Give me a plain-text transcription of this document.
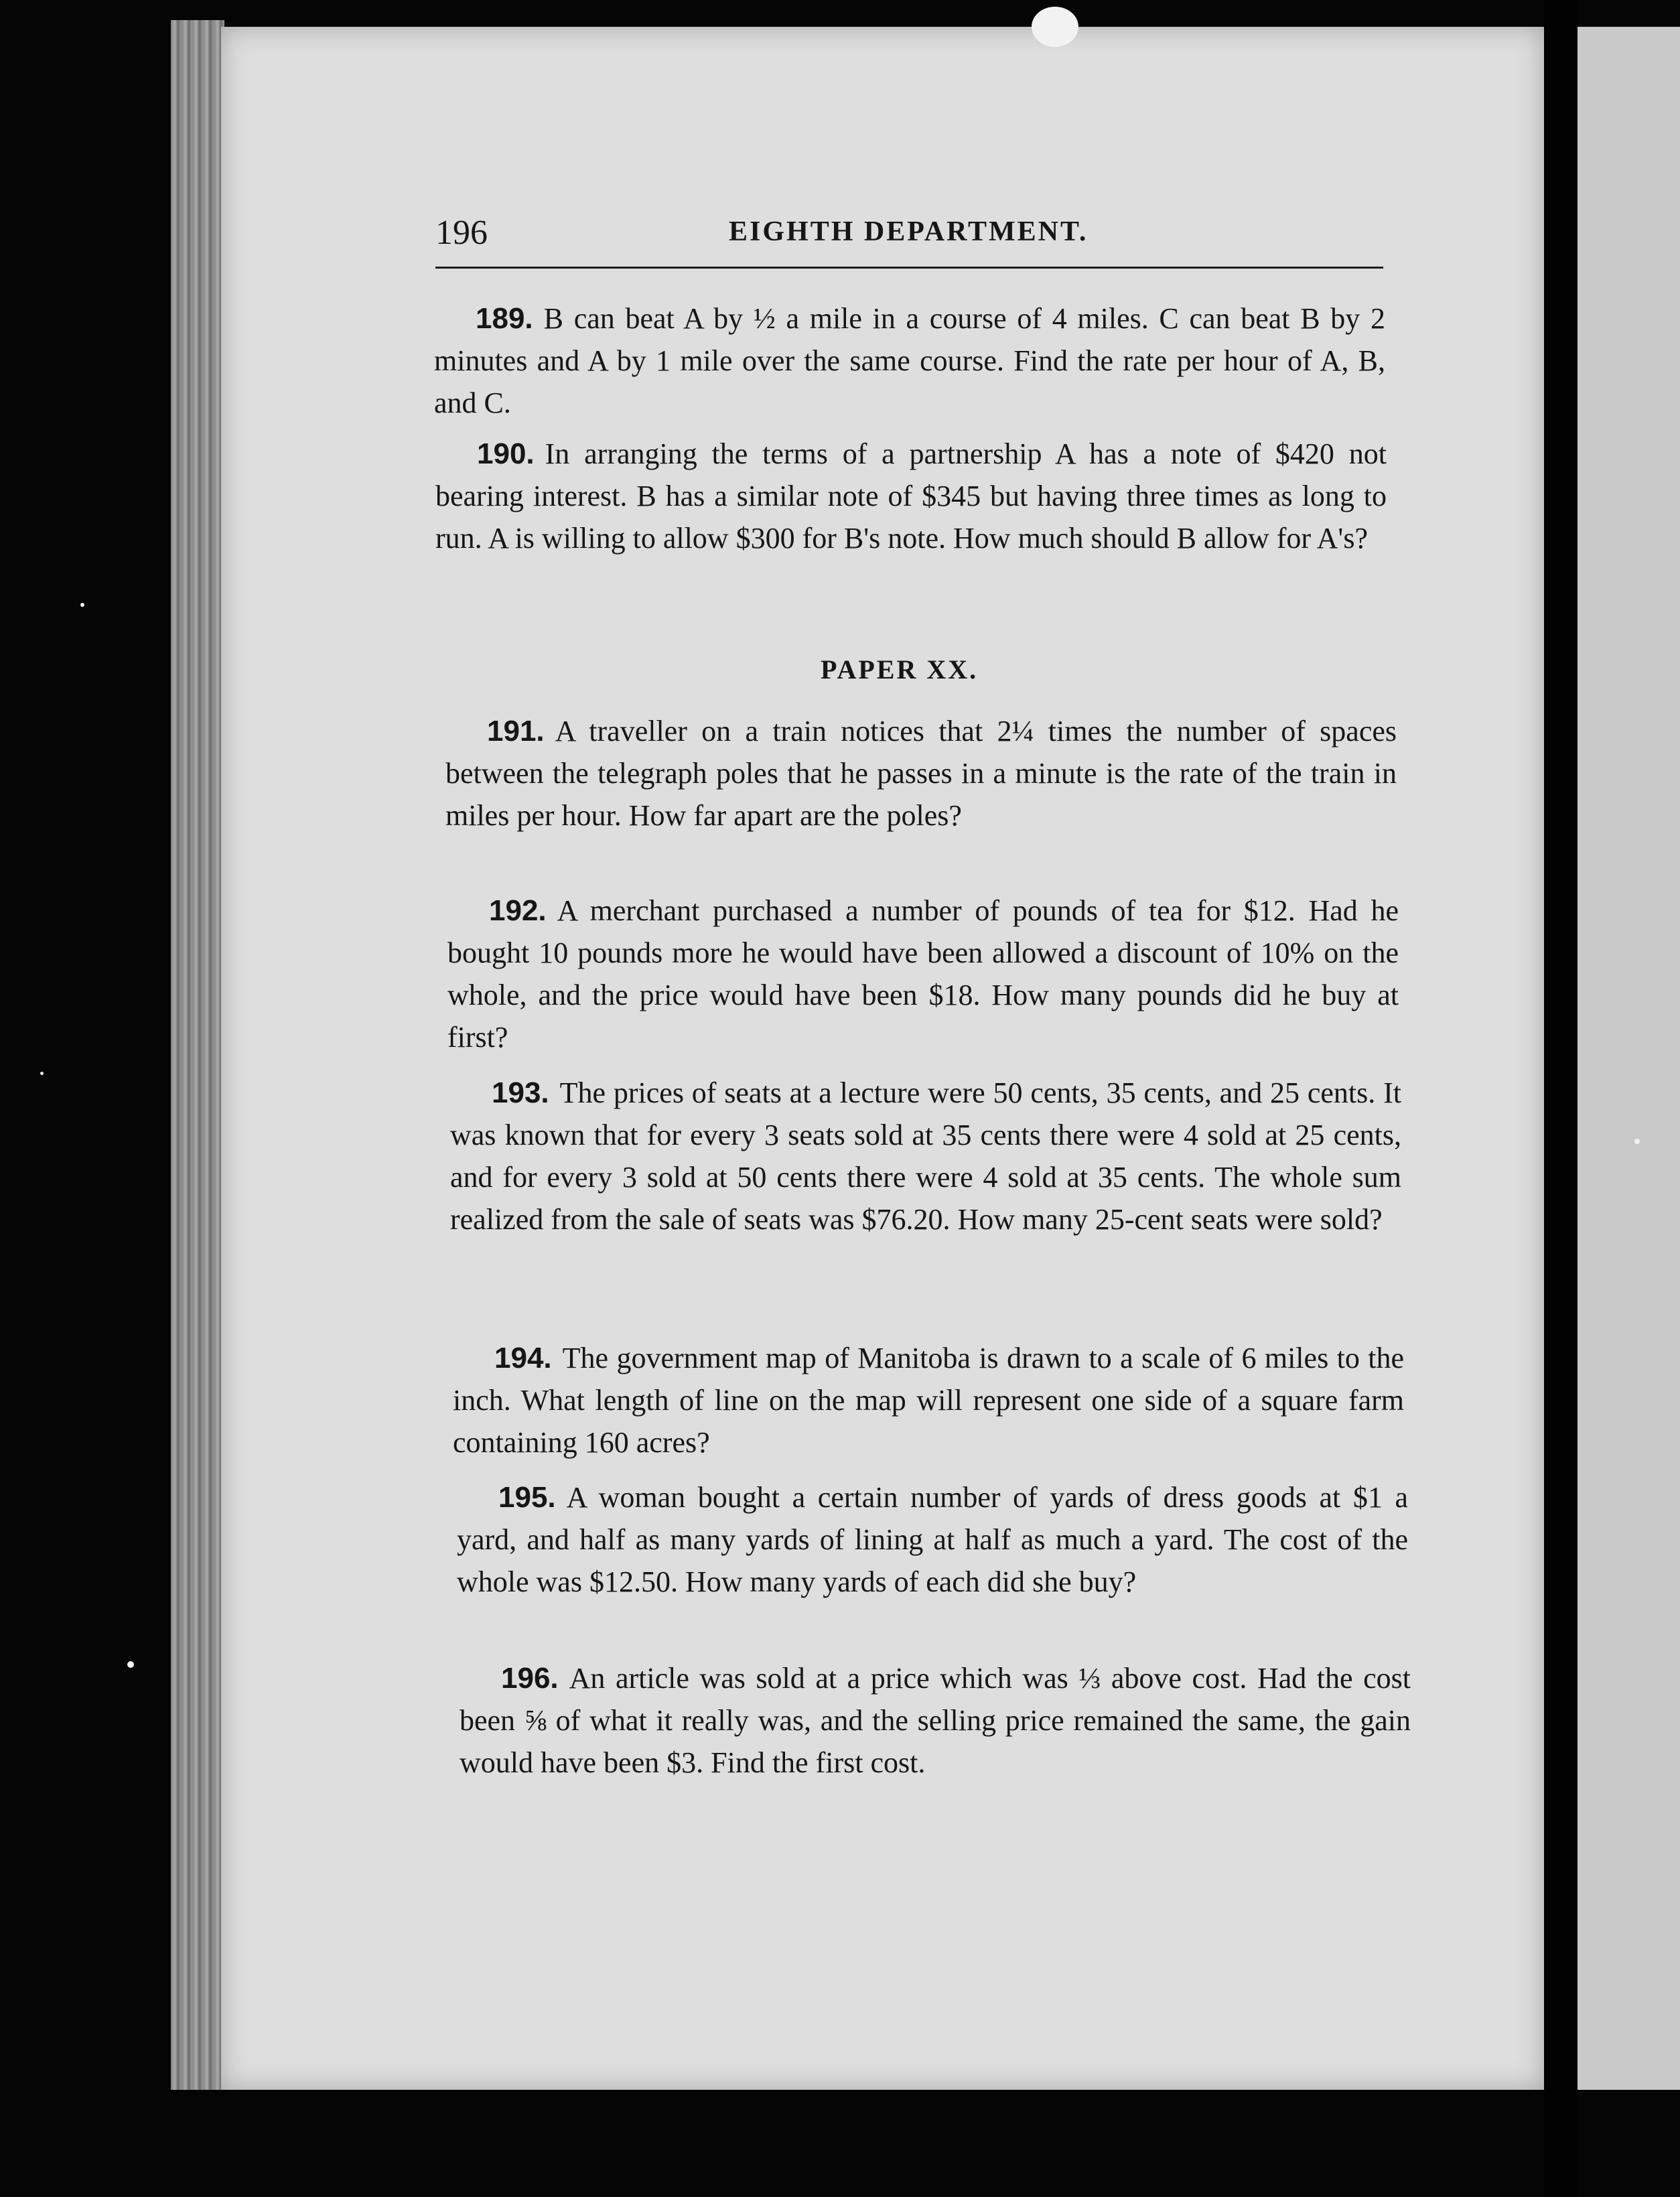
196	EIGHTH DEPARTMENT.

189. B can beat A by ½ a mile in a course of 4 miles. C can beat B by 2 minutes and A by 1 mile over the same course. Find the rate per hour of A, B, and C.

190. In arranging the terms of a partnership A has a note of $420 not bearing interest. B has a similar note of $345 but having three times as long to run. A is willing to allow $300 for B's note. How much should B allow for A's?

PAPER XX.

191. A traveller on a train notices that 2¼ times the number of spaces between the telegraph poles that he passes in a minute is the rate of the train in miles per hour. How far apart are the poles?

192. A merchant purchased a number of pounds of tea for $12. Had he bought 10 pounds more he would have been allowed a discount of 10% on the whole, and the price would have been $18. How many pounds did he buy at first?

193. The prices of seats at a lecture were 50 cents, 35 cents, and 25 cents. It was known that for every 3 seats sold at 35 cents there were 4 sold at 25 cents, and for every 3 sold at 50 cents there were 4 sold at 35 cents. The whole sum realized from the sale of seats was $76.20. How many 25-cent seats were sold?

194. The government map of Manitoba is drawn to a scale of 6 miles to the inch. What length of line on the map will represent one side of a square farm containing 160 acres?

195. A woman bought a certain number of yards of dress goods at $1 a yard, and half as many yards of lining at half as much a yard. The cost of the whole was $12.50. How many yards of each did she buy?

196. An article was sold at a price which was ⅓ above cost. Had the cost been ⅝ of what it really was, and the selling price remained the same, the gain would have been $3. Find the first cost.
